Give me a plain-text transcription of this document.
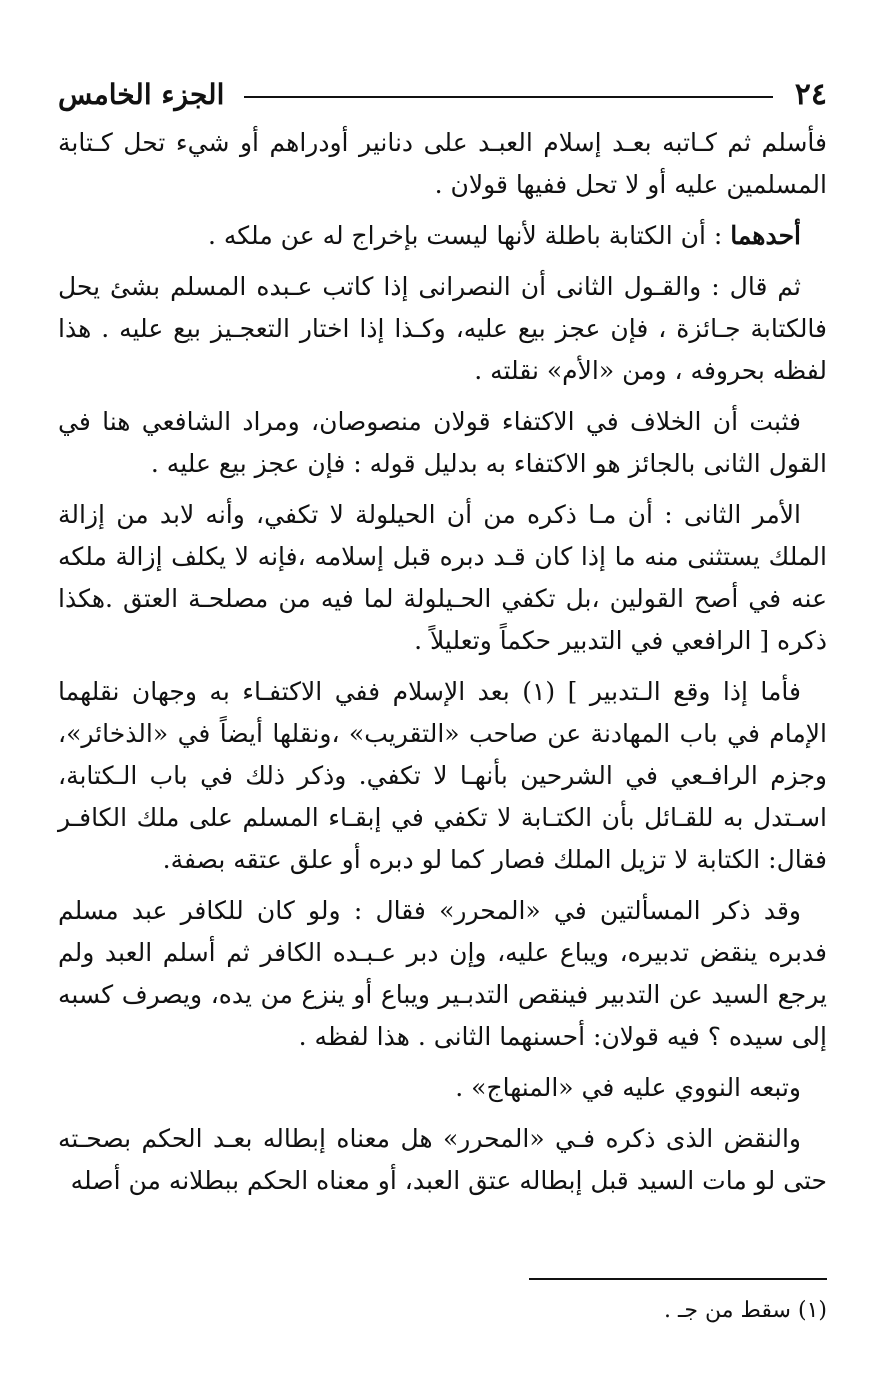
٢٤
الجزء الخامس

فأسلم ثم كـاتبه بعـد إسلام العبـد على دنانير أودراهم أو شيء تحل كـتابة المسلمين عليه أو لا تحل ففيها قولان .

أحدهما : أن الكتابة باطلة لأنها ليست بإخراج له عن ملكه .

ثم قال : والقـول الثانى أن النصرانى إذا كاتب عـبده المسلم بشئ يحل فالكتابة جـائزة ، فإن عجز بيع عليه، وكـذا إذا اختار التعجـيز بيع عليه . هذا لفظه بحروفه ، ومن «الأم» نقلته .

فثبت أن الخلاف في الاكتفاء قولان منصوصان، ومراد الشافعي هنا في القول الثانى بالجائز هو الاكتفاء به بدليل قوله : فإن عجز بيع عليه .

الأمر الثانى : أن مـا ذكره من أن الحيلولة لا تكفي، وأنه لابد من إزالة الملك يستثنى منه ما إذا كان قـد دبره قبل إسلامه ،فإنه لا يكلف إزالة ملكه عنه في أصح القولين ،بل تكفي الحـيلولة لما فيه من مصلحـة العتق .هكذا ذكره [ الرافعي في التدبير حكماً وتعليلاً .

فأما إذا وقع الـتدبير ] (١) بعد الإسلام ففي الاكتفـاء به وجهان نقلهما الإمام في باب المهادنة عن صاحب «التقريب» ،ونقلها أيضاً في «الذخائر»، وجزم الرافـعي في الشرحين بأنهـا لا تكفي. وذكر ذلك في باب الـكتابة، اسـتدل به للقـائل بأن الكتـابة لا تكفي في إبقـاء المسلم على ملك الكافـر فقال: الكتابة لا تزيل الملك فصار كما لو دبره أو علق عتقه بصفة.

وقد ذكر المسألتين في «المحرر» فقال : ولو كان للكافر عبد مسلم فدبره ينقض تدبيره، ويباع عليه، وإن دبر عـبـده الكافر ثم أسلم العبد ولم يرجع السيد عن التدبير فينقص التدبـير ويباع أو ينزع من يده، ويصرف كسبه إلى سيده ؟ فيه قولان: أحسنهما الثانى . هذا لفظه .

وتبعه النووي عليه في «المنهاج» .

والنقض الذى ذكره فـي «المحرر» هل معناه إبطاله بعـد الحكم بصحـته حتى لو مات السيد قبل إبطاله عتق العبد، أو معناه الحكم ببطلانه من أصله

(١) سقط من جـ .
